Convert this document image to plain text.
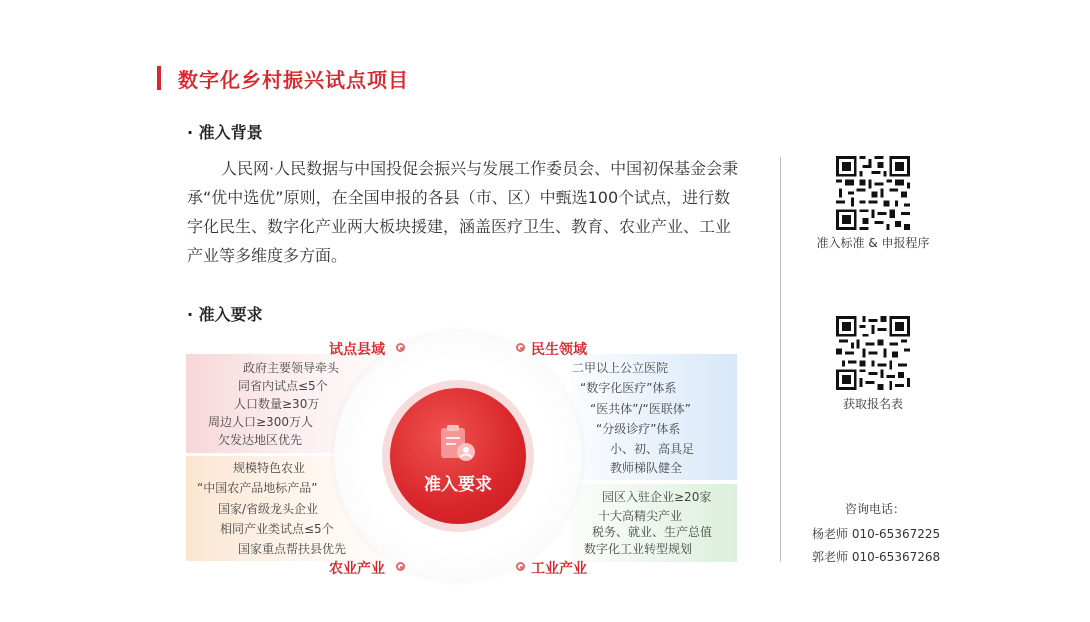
数字化乡村振兴试点项目
· 准入背景
人民网·人民数据与中国投促会振兴与发展工作委员会、中国初保基金会秉承“优中选优”原则，在全国申报的各县（市、区）中甄选100个试点，进行数字化民生、数字化产业两大板块援建，涵盖医疗卫生、教育、农业产业、工业产业等多维度多方面。
· 准入要求
准入要求
试点县域	民生领域
农业产业	工业产业
政府主要领导牵头
同省内试点≤5个
人口数量≥30万
周边人口≥300万人
欠发达地区优先
二甲以上公立医院
“数字化医疗”体系
“医共体”/“医联体”
“分级诊疗”体系
小、初、高具足
教师梯队健全
规模特色农业
“中国农产品地标产品”
国家/省级龙头企业
相同产业类试点≤5个
国家重点帮扶县优先
园区入驻企业≥20家
十大高精尖产业
税务、就业、生产总值
数字化工业转型规划
准入标准 & 申报程序
获取报名表
咨询电话：
杨老师 010-65367225
郭老师 010-65367268
